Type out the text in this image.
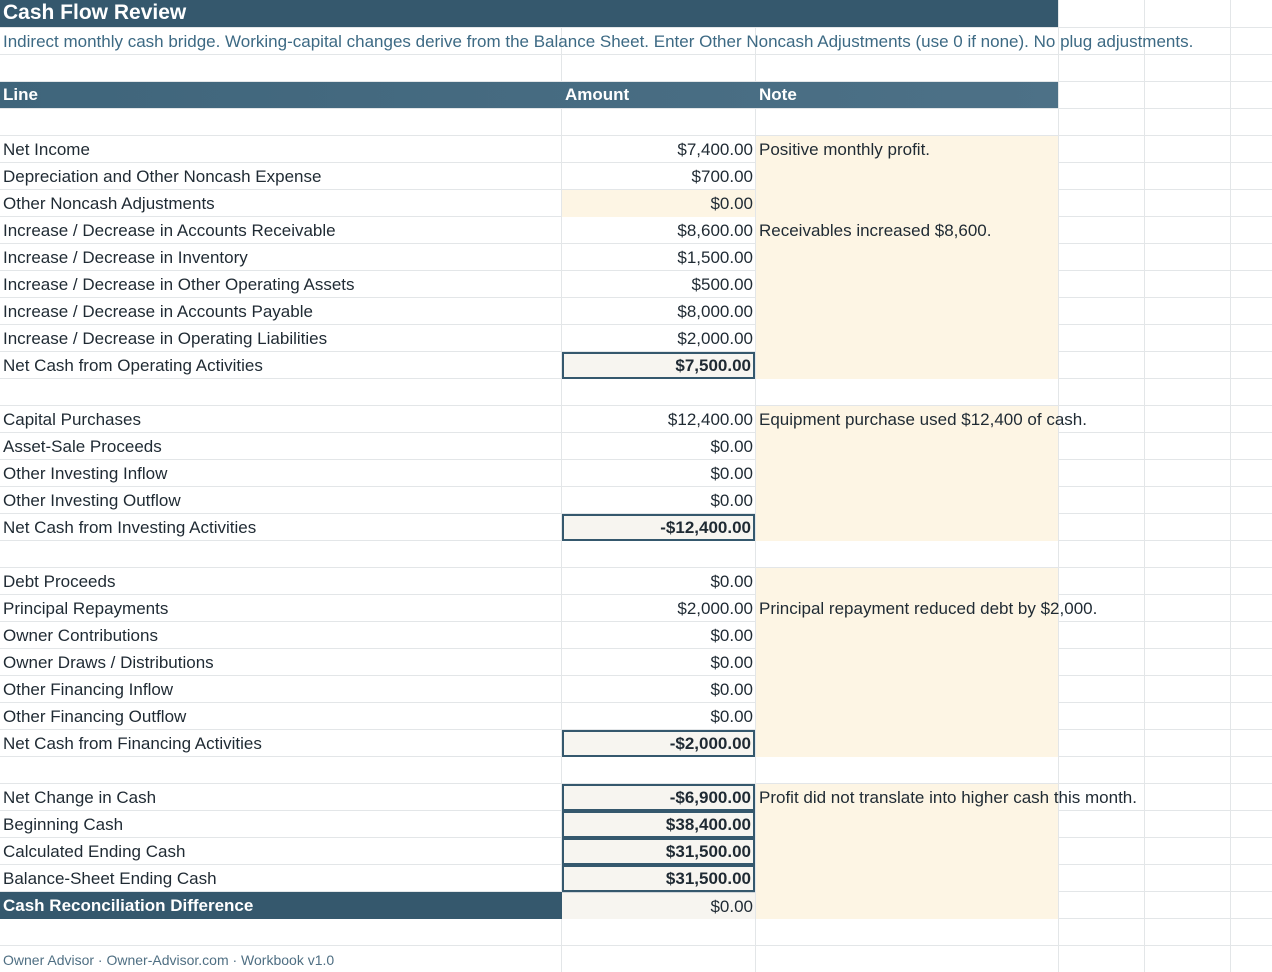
Cash Flow Review
Indirect monthly cash bridge. Working-capital changes derive from the Balance Sheet. Enter Other Noncash Adjustments (use 0 if none). No plug adjustments.
Line	Amount	Note
Net Income	$7,400.00 Positive monthly profit.
Depreciation and Other Noncash Expense	$700.00
Other Noncash Adjustments	$0.00
Increase / Decrease in Accounts Receivable	$8,600.00 Receivables increased $8,600.
Increase / Decrease in Inventory	$1,500.00
Increase / Decrease in Other Operating Assets	$500.00
Increase / Decrease in Accounts Payable	$8,000.00
Increase / Decrease in Operating Liabilities	$2,000.00
Net Cash from Operating Activities	$7,500.00
Capital Purchases	$12,400.00 Equipment purchase used $12,400 of cash.
Asset-Sale Proceeds	$0.00
Other Investing Inflow	$0.00
Other Investing Outflow	$0.00
Net Cash from Investing Activities	-$12,400.00
Debt Proceeds	$0.00
Principal Repayments	$2,000.00 Principal repayment reduced debt by $2,000.
Owner Contributions	$0.00
Owner Draws / Distributions	$0.00
Other Financing Inflow	$0.00
Other Financing Outflow	$0.00
Net Cash from Financing Activities	-$2,000.00
Net Change in Cash	-$6,900.00 Profit did not translate into higher cash this month.
Beginning Cash	$38,400.00
Calculated Ending Cash	$31,500.00
Balance-Sheet Ending Cash	$31,500.00
Cash Reconciliation Difference	$0.00
Owner Advisor · Owner-Advisor.com · Workbook v1.0
